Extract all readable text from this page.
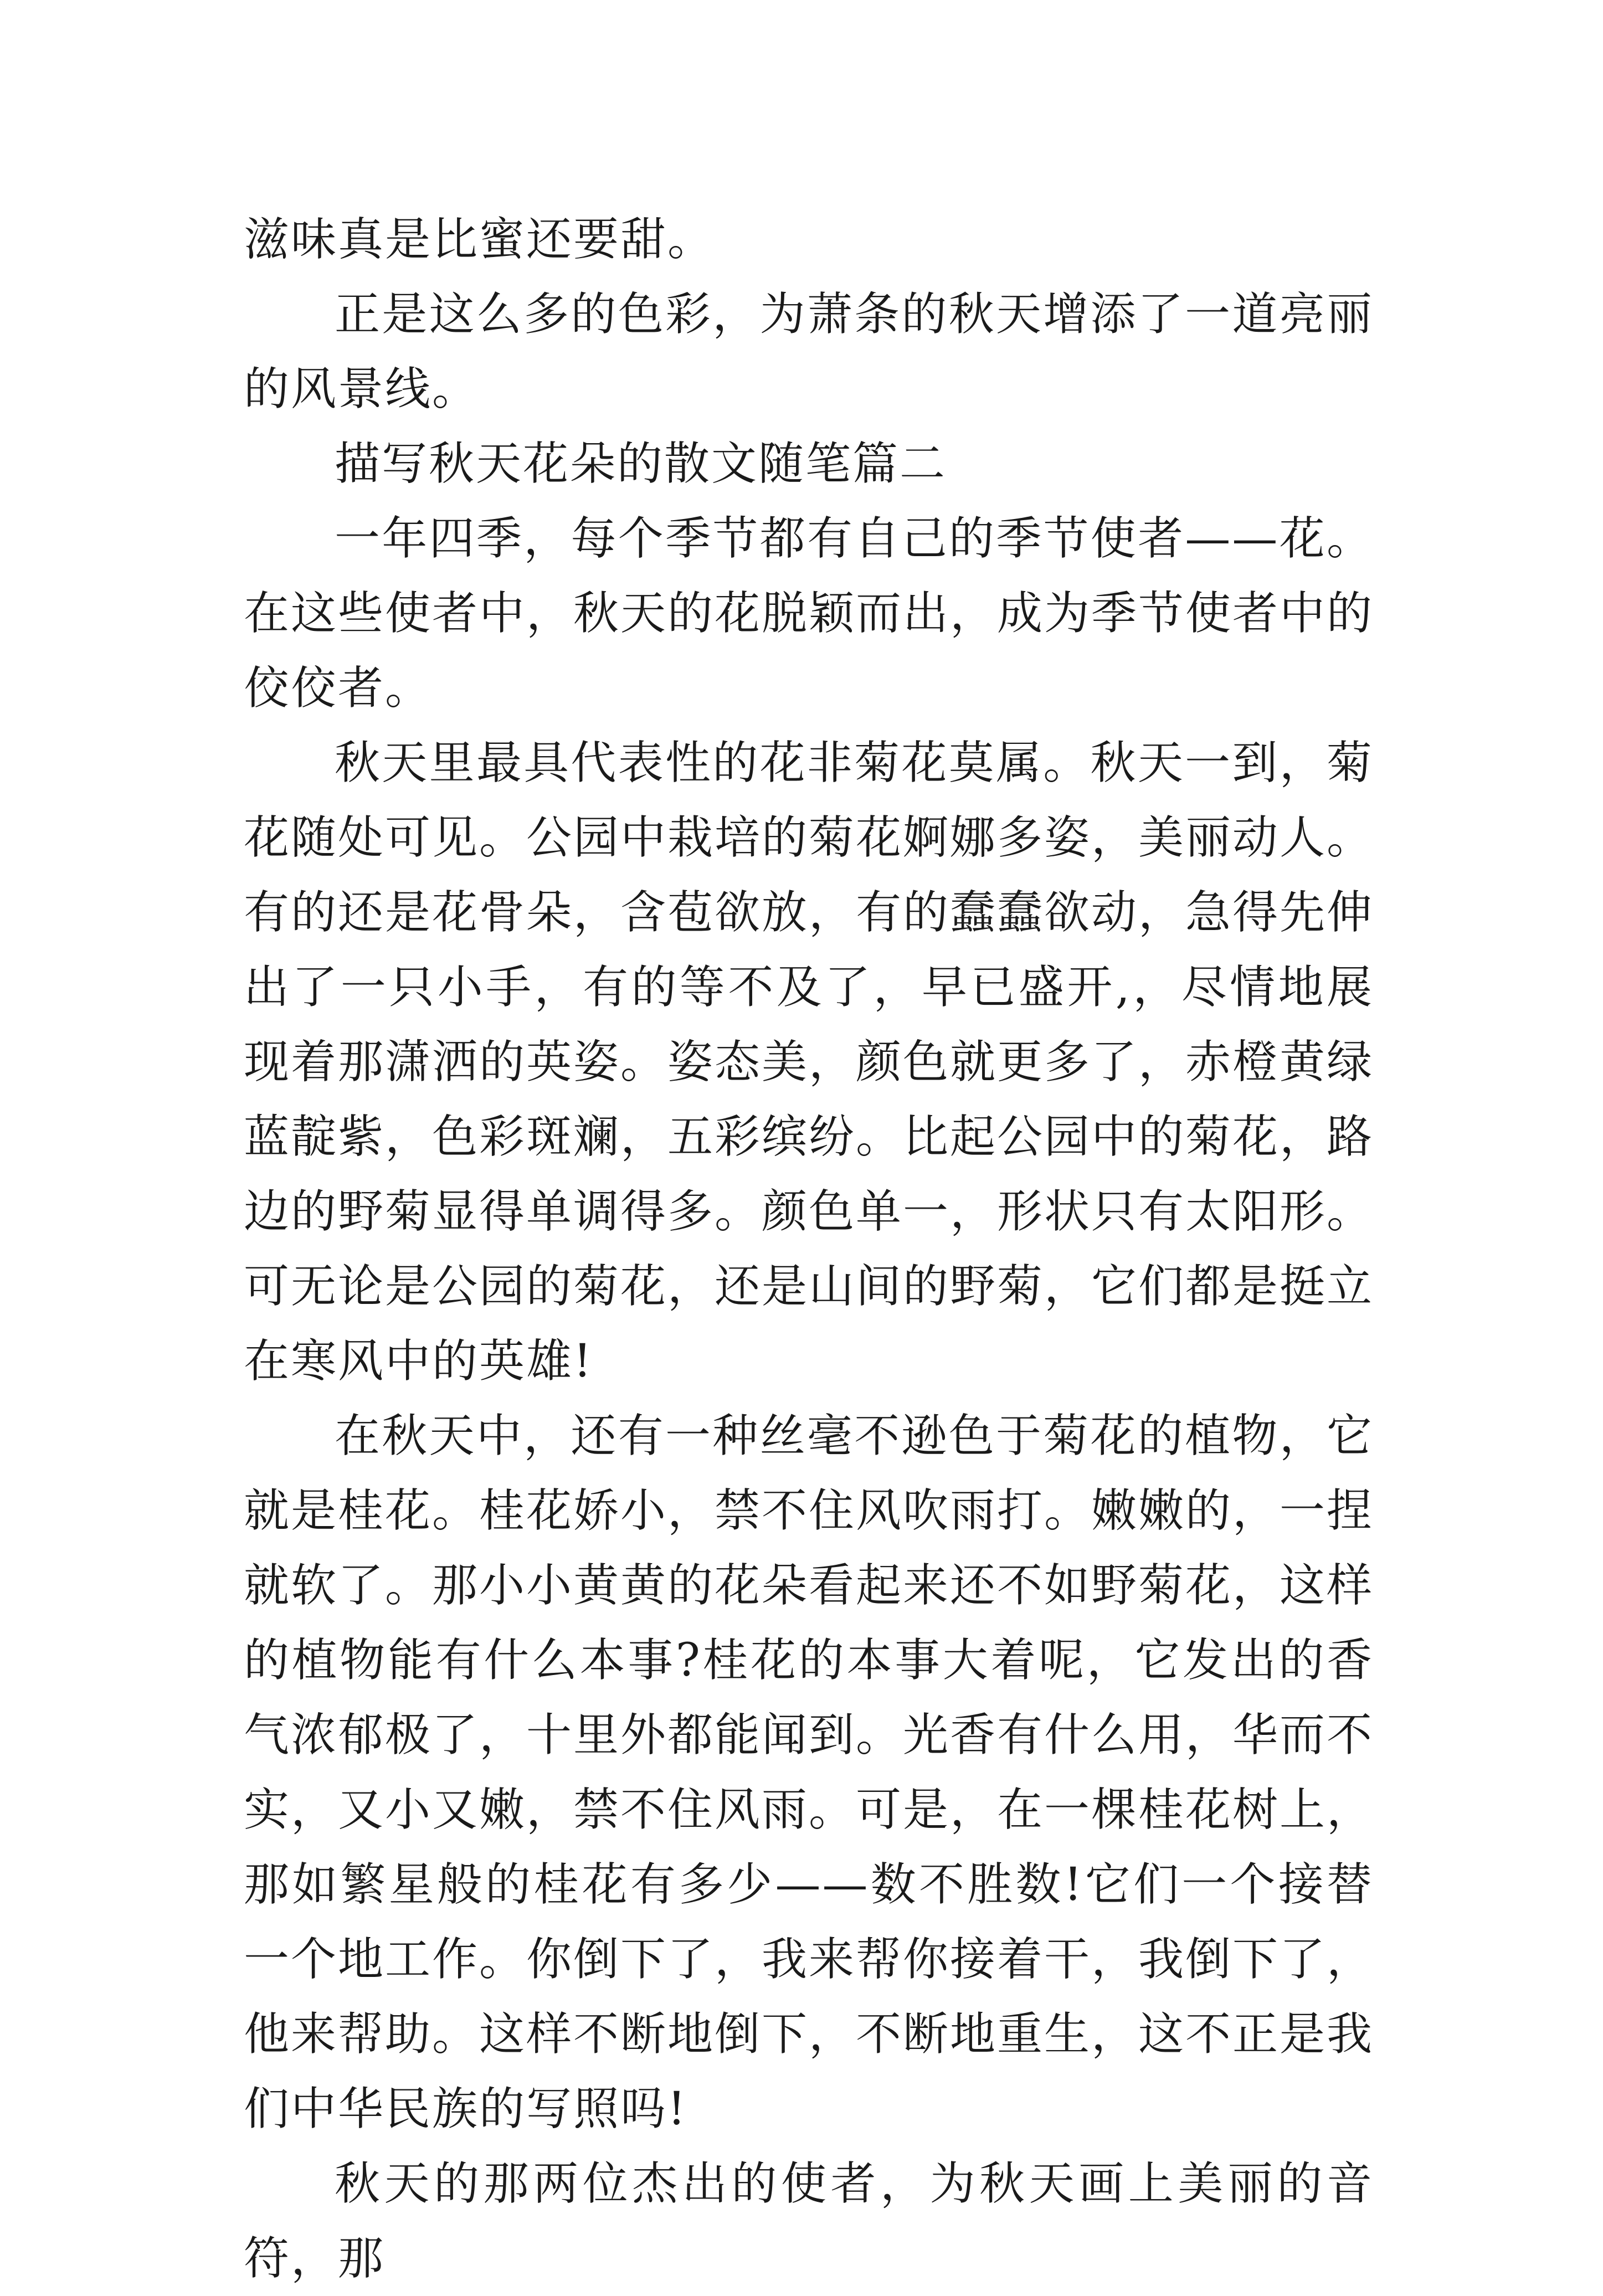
滋味真是比蜜还要甜。

正是这么多的色彩，为萧条的秋天增添了一道亮丽的风景线。

描写秋天花朵的散文随笔篇二

一年四季，每个季节都有自己的季节使者——花。在这些使者中，秋天的花脱颖而出，成为季节使者中的佼佼者。

秋天里最具代表性的花非菊花莫属。秋天一到，菊花随处可见。公园中栽培的菊花婀娜多姿，美丽动人。有的还是花骨朵，含苞欲放，有的蠢蠢欲动，急得先伸出了一只小手，有的等不及了，早已盛开,，尽情地展现着那潇洒的英姿。姿态美，颜色就更多了，赤橙黄绿蓝靛紫，色彩斑斓，五彩缤纷。比起公园中的菊花，路边的野菊显得单调得多。颜色单一，形状只有太阳形。可无论是公园的菊花，还是山间的野菊，它们都是挺立在寒风中的英雄!

在秋天中，还有一种丝毫不逊色于菊花的植物，它就是桂花。桂花娇小，禁不住风吹雨打。嫩嫩的，一捏就软了。那小小黄黄的花朵看起来还不如野菊花，这样的植物能有什么本事?桂花的本事大着呢，它发出的香气浓郁极了，十里外都能闻到。光香有什么用，华而不实，又小又嫩，禁不住风雨。可是，在一棵桂花树上，那如繁星般的桂花有多少——数不胜数!它们一个接替一个地工作。你倒下了，我来帮你接着干，我倒下了，他来帮助。这样不断地倒下，不断地重生，这不正是我们中华民族的写照吗!

秋天的那两位杰出的使者，为秋天画上美丽的音符，那
